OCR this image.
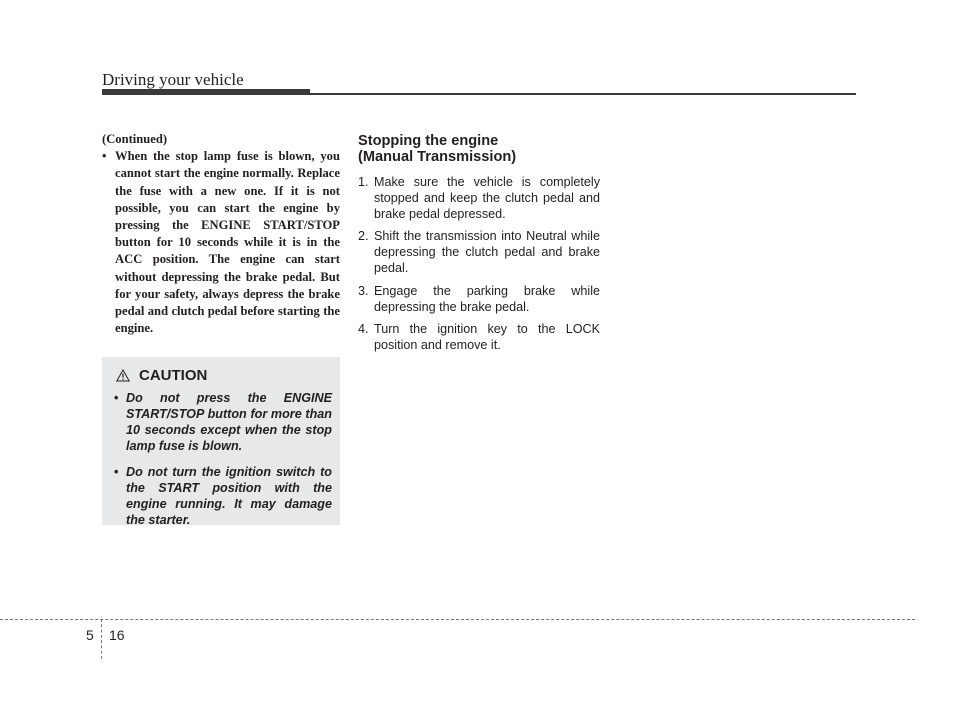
Driving your vehicle

(Continued)

• When the stop lamp fuse is blown, you cannot start the engine normally. Replace the fuse with a new one. If it is not possible, you can start the engine by pressing the ENGINE START/STOP button for 10 seconds while it is in the ACC position. The engine can start without depressing the brake pedal. But for your safety, always depress the brake pedal and clutch pedal before starting the engine.

CAUTION
• Do not press the ENGINE START/STOP button for more than 10 seconds except when the stop lamp fuse is blown.
• Do not turn the ignition switch to the START position with the engine running. It may damage the starter.
Stopping the engine
(Manual Transmission)
1. Make sure the vehicle is completely stopped and keep the clutch pedal and brake pedal depressed.
2. Shift the transmission into Neutral while depressing the clutch pedal and brake pedal.
3. Engage the parking brake while depressing the brake pedal.
4. Turn the ignition key to the LOCK position and remove it.
5 16
